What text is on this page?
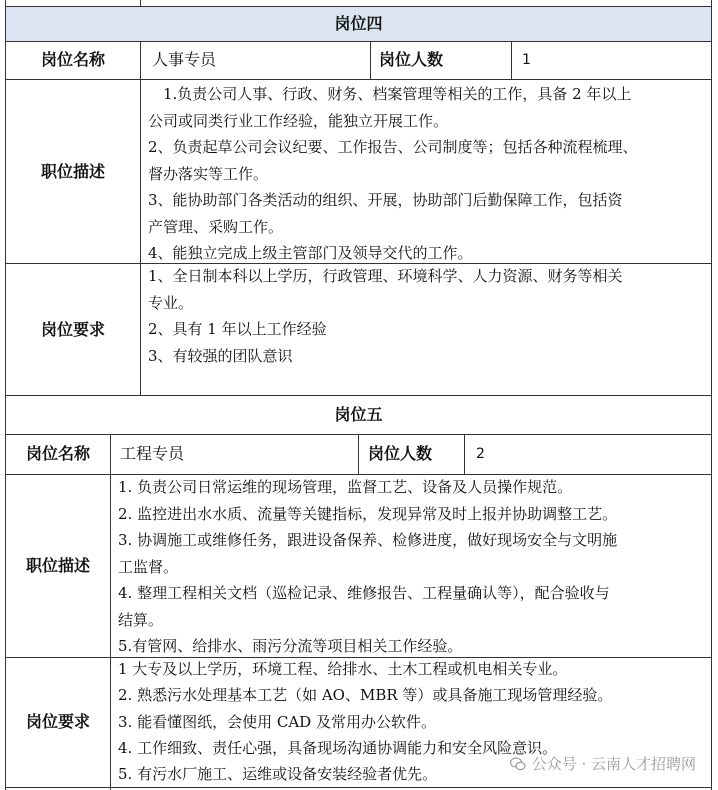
岗位四
岗位名称	人事专员	岗位人数	1
职位描述
　1.负责公司人事、行政、财务、档案管理等相关的工作，具备 2 年以上
公司或同类行业工作经验，能独立开展工作。
2、负责起草公司会议纪要、工作报告、公司制度等；包括各种流程梳理、
督办落实等工作。
3、能协助部门各类活动的组织、开展，协助部门后勤保障工作，包括资
产管理、采购工作。
4、能独立完成上级主管部门及领导交代的工作。
岗位要求
1、全日制本科以上学历，行政管理、环境科学、人力资源、财务等相关
专业。
2、具有 1 年以上工作经验
3、有较强的团队意识
岗位五
岗位名称	工程专员	岗位人数	2
职位描述
1. 负责公司日常运维的现场管理，监督工艺、设备及人员操作规范。
2. 监控进出水水质、流量等关键指标，发现异常及时上报并协助调整工艺。
3. 协调施工或维修任务，跟进设备保养、检修进度，做好现场安全与文明施
工监督。
4. 整理工程相关文档（巡检记录、维修报告、工程量确认等），配合验收与
结算。
5.有管网、给排水、雨污分流等项目相关工作经验。
岗位要求
1 大专及以上学历，环境工程、给排水、土木工程或机电相关专业。
2. 熟悉污水处理基本工艺（如 AO、MBR 等）或具备施工现场管理经验。
3. 能看懂图纸，会使用 CAD 及常用办公软件。
4. 工作细致、责任心强，具备现场沟通协调能力和安全风险意识。
5. 有污水厂施工、运维或设备安装经验者优先。
公众号 · 云南人才招聘网
